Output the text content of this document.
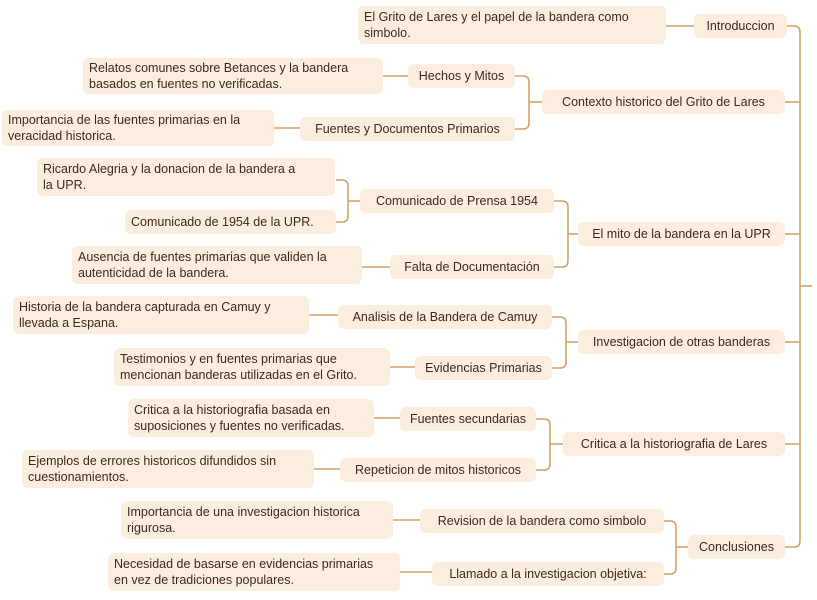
Introduccion
El Grito de Lares y el papel de la bandera como
simbolo.
Contexto historico del Grito de Lares
Hechos y Mitos
Relatos comunes sobre Betances y la bandera
basados en fuentes no verificadas.
Fuentes y Documentos Primarios
Importancia de las fuentes primarias en la
veracidad historica.
El mito de la bandera en la UPR
Comunicado de Prensa 1954
Ricardo Alegria y la donacion de la bandera a
la UPR.
Comunicado de 1954 de la UPR.
Falta de Documentación
Ausencia de fuentes primarias que validen la
autenticidad de la bandera.
Investigacion de otras banderas
Analisis de la Bandera de Camuy
Historia de la bandera capturada en Camuy y
llevada a Espana.
Evidencias Primarias
Testimonios y en fuentes primarias que
mencionan banderas utilizadas en el Grito.
Critica a la historiografia de Lares
Fuentes secundarias
Critica a la historiografia basada en
suposiciones y fuentes no verificadas.
Repeticion de mitos historicos
Ejemplos de errores historicos difundidos sin
cuestionamientos.
Conclusiones
Revision de la bandera como simbolo
Importancia de una investigacion historica
rigurosa.
Llamado a la investigacion objetiva:
Necesidad de basarse en evidencias primarias
en vez de tradiciones populares.
